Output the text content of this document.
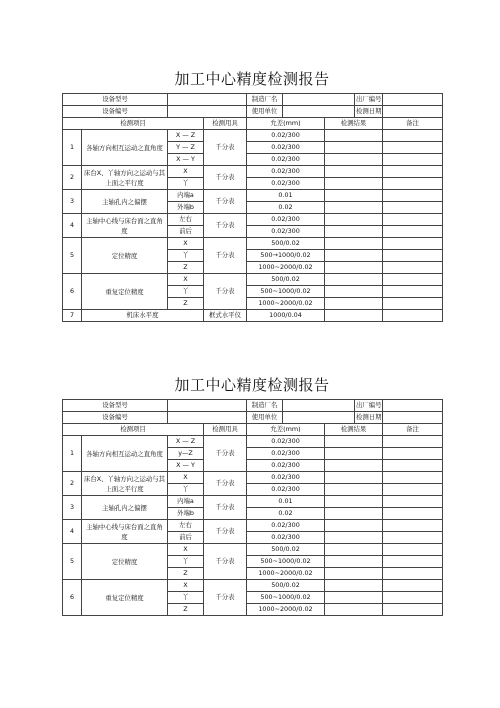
加工中心精度检测报告
设备型号				制造厂名			出厂编号	
设备编号				使用单位			检测日期	
检测项目			检测用具	允差(mm)		检测结果		备注
1	各轴方向相互运动之直角度	X — Z	千分表	0.02/300				
		Y — Z		0.02/300				
		X — Y		0.02/300				
2	床台X、丫轴方向之运动与其上面之平行度	X	千分表	0.02/300				
		丫		0.02/300				
3	主轴孔内之偏摆	内端a	千分表	0.01				
		外端b		0.02				
4	主轴中心线与床台面之直角度	左右	千分表	0.02/300				
		前后		0.02/300				
5	定位精度	X	千分表	500/0.02				
		丫		500→1000/0.02				
		Z		1000~2000/0.02				
6	重复定位精度	X	千分表	500/0.02				
		丫		500~1000/0.02				
		Z		1000~2000/0.02				
7	机床水平度		框式水平仪	1000/0.04				
加工中心精度检测报告
设备型号				制造厂名			出厂编号	
设备编号				使用单位			检测日期	
检测项目			检测用具	允差(mm)		检测结果		备注
1	各轴方向相互运动之直角度	X — Z	千分表	0.02/300				
		y—Z		0.02/300				
		X — Y		0.02/300				
2	床台X、丫轴方向之运动与其上面之平行度	X	千分表	0.02/300				
		丫		0.02/300				
3	主轴孔内之偏摆	内端a	千分表	0.01				
		外端b		0.02				
4	主轴中心线与床台面之直角度	左右	千分表	0.02/300				
		前后		0.02/300				
5	定位精度	X	千分表	500/0.02				
		丫		500~1000/0.02				
		Z		1000~2000/0.02				
6	重复定位精度	X	千分表	500/0.02				
		丫		500~1000/0.02				
		Z		1000~2000/0.02				
